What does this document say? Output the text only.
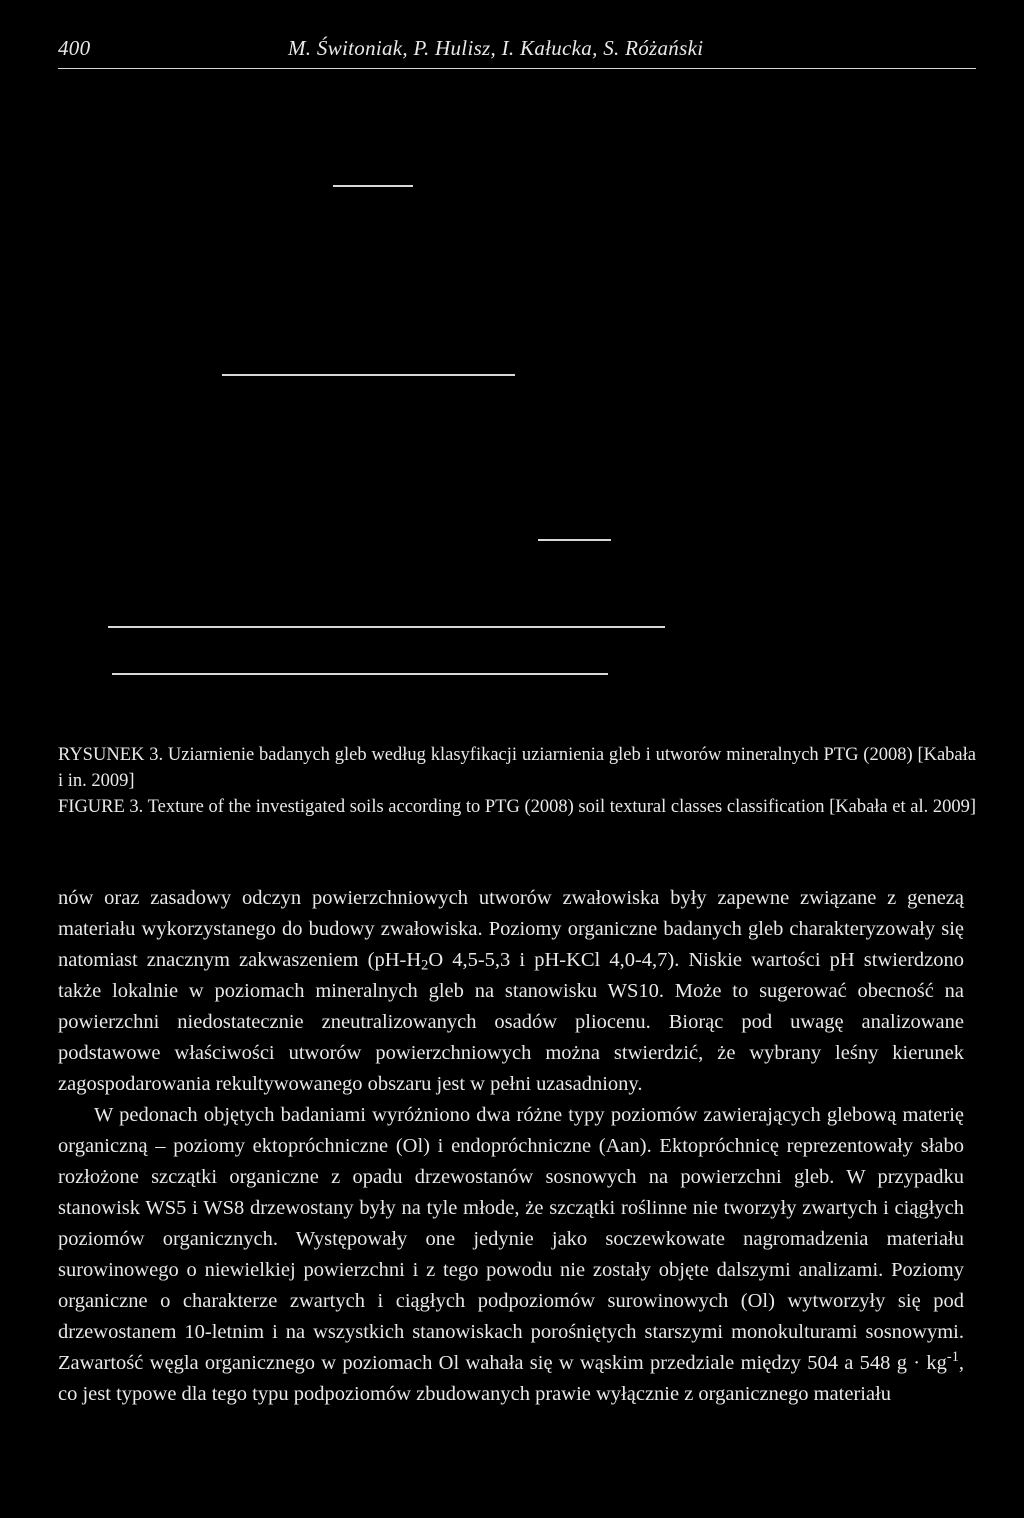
400	M. Świtoniak, P. Hulisz, I. Kałucka, S. Różański

RYSUNEK 3. Uziarnienie badanych gleb według klasyfikacji uziarnienia gleb i utworów mineralnych PTG (2008) [Kabała i in. 2009]

FIGURE 3. Texture of the investigated soils according to PTG (2008) soil textural classes classification [Kabała et al. 2009]

nów oraz zasadowy odczyn powierzchniowych utworów zwałowiska były zapewne związane z genezą materiału wykorzystanego do budowy zwałowiska. Poziomy organiczne badanych gleb charakteryzowały się natomiast znacznym zakwaszeniem ($pH-H_2O$ 4,5-5,3 i pH-KCl 4,0-4,7). Niskie wartości pH stwierdzono także lokalnie w poziomach mineralnych gleb na stanowisku WS10. Może to sugerować obecność na powierzchni niedostatecznie zneutralizowanych osadów pliocenu. Biorąc pod uwagę analizowane podstawowe właściwości utworów powierzchniowych można stwierdzić, że wybrany leśny kierunek zagospodarowania rekultywowanego obszaru jest w pełni uzasadniony.

W pedonach objętych badaniami wyróżniono dwa różne typy poziomów zawierających glebową materię organiczną – poziomy ektopróchniczne (Ol) i endopróchniczne (Aan). Ektopróchnicę reprezentowały słabo rozłożone szczątki organiczne z opadu drzewostanów sosnowych na powierzchni gleb. W przypadku stanowisk WS5 i WS8 drzewostany były na tyle młode, że szczątki roślinne nie tworzyły zwartych i ciągłych poziomów organicznych. Występowały one jedynie jako soczewkowate nagromadzenia materiału surowinowego o niewielkiej powierzchni i z tego powodu nie zostały objęte dalszymi analizami. Poziomy organiczne o charakterze zwartych i ciągłych podpoziomów surowinowych (Ol) wytworzyły się pod drzewostanem 10-letnim i na wszystkich stanowiskach porośniętych starszymi monokulturami sosnowymi. Zawartość węgla organicznego w poziomach Ol wahała się w wąskim przedziale między 504 a 548 $g \cdot kg^{-1}$, co jest typowe dla tego typu podpoziomów zbudowanych prawie wyłącznie z organicznego materiału
